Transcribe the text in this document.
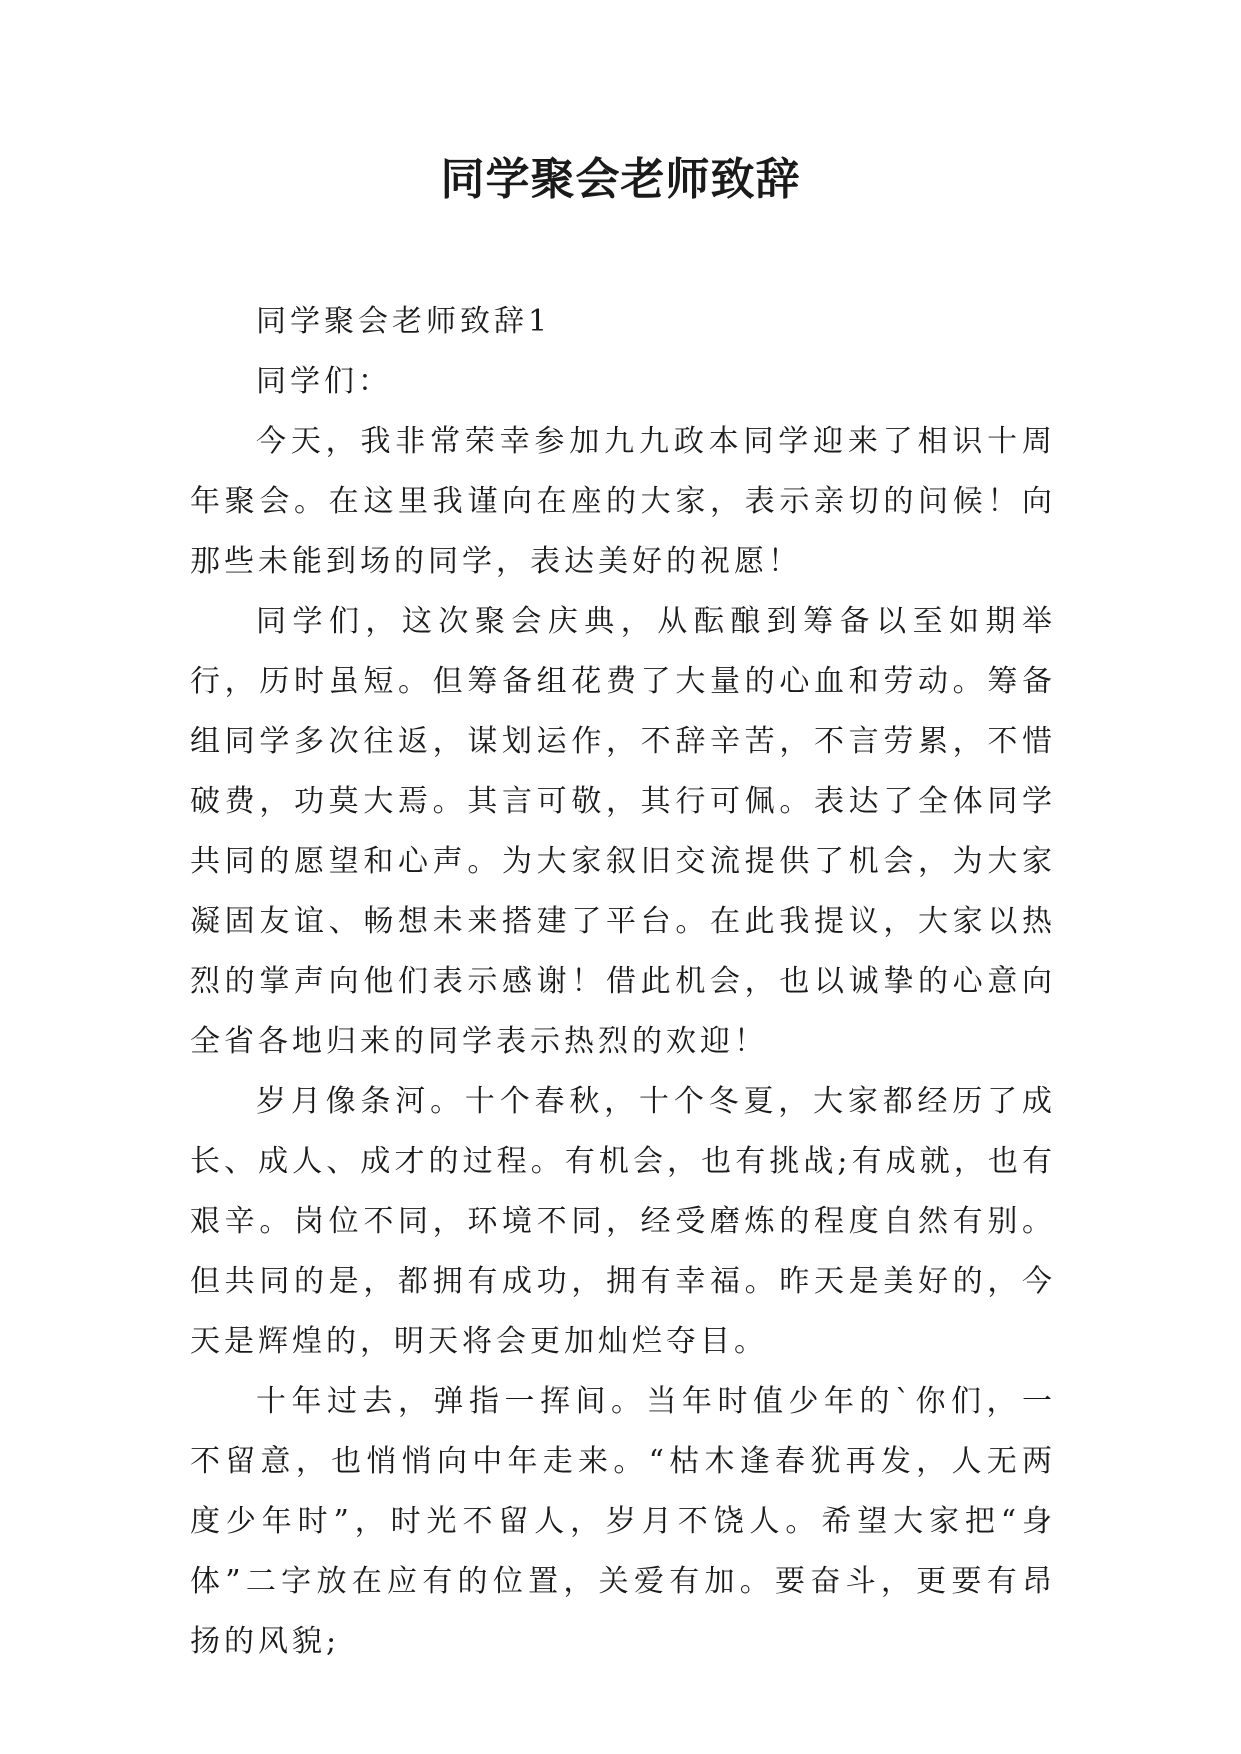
同学聚会老师致辞

同学聚会老师致辞1

同学们：

今天，我非常荣幸参加九九政本同学迎来了相识十周年聚会。在这里我谨向在座的大家，表示亲切的问候！向那些未能到场的同学，表达美好的祝愿！

同学们，这次聚会庆典，从酝酿到筹备以至如期举行，历时虽短。但筹备组花费了大量的心血和劳动。筹备组同学多次往返，谋划运作，不辞辛苦，不言劳累，不惜破费，功莫大焉。其言可敬，其行可佩。表达了全体同学共同的愿望和心声。为大家叙旧交流提供了机会，为大家凝固友谊、畅想未来搭建了平台。在此我提议，大家以热烈的掌声向他们表示感谢！借此机会，也以诚挚的心意向全省各地归来的同学表示热烈的欢迎！

岁月像条河。十个春秋，十个冬夏，大家都经历了成长、成人、成才的过程。有机会，也有挑战;有成就，也有艰辛。岗位不同，环境不同，经受磨炼的程度自然有别。但共同的是，都拥有成功，拥有幸福。昨天是美好的，今天是辉煌的，明天将会更加灿烂夺目。

十年过去，弹指一挥间。当年时值少年的`你们，一不留意，也悄悄向中年走来。“枯木逢春犹再发，人无两度少年时”，时光不留人，岁月不饶人。希望大家把“身体”二字放在应有的位置，关爱有加。要奋斗，更要有昂扬的风貌;
